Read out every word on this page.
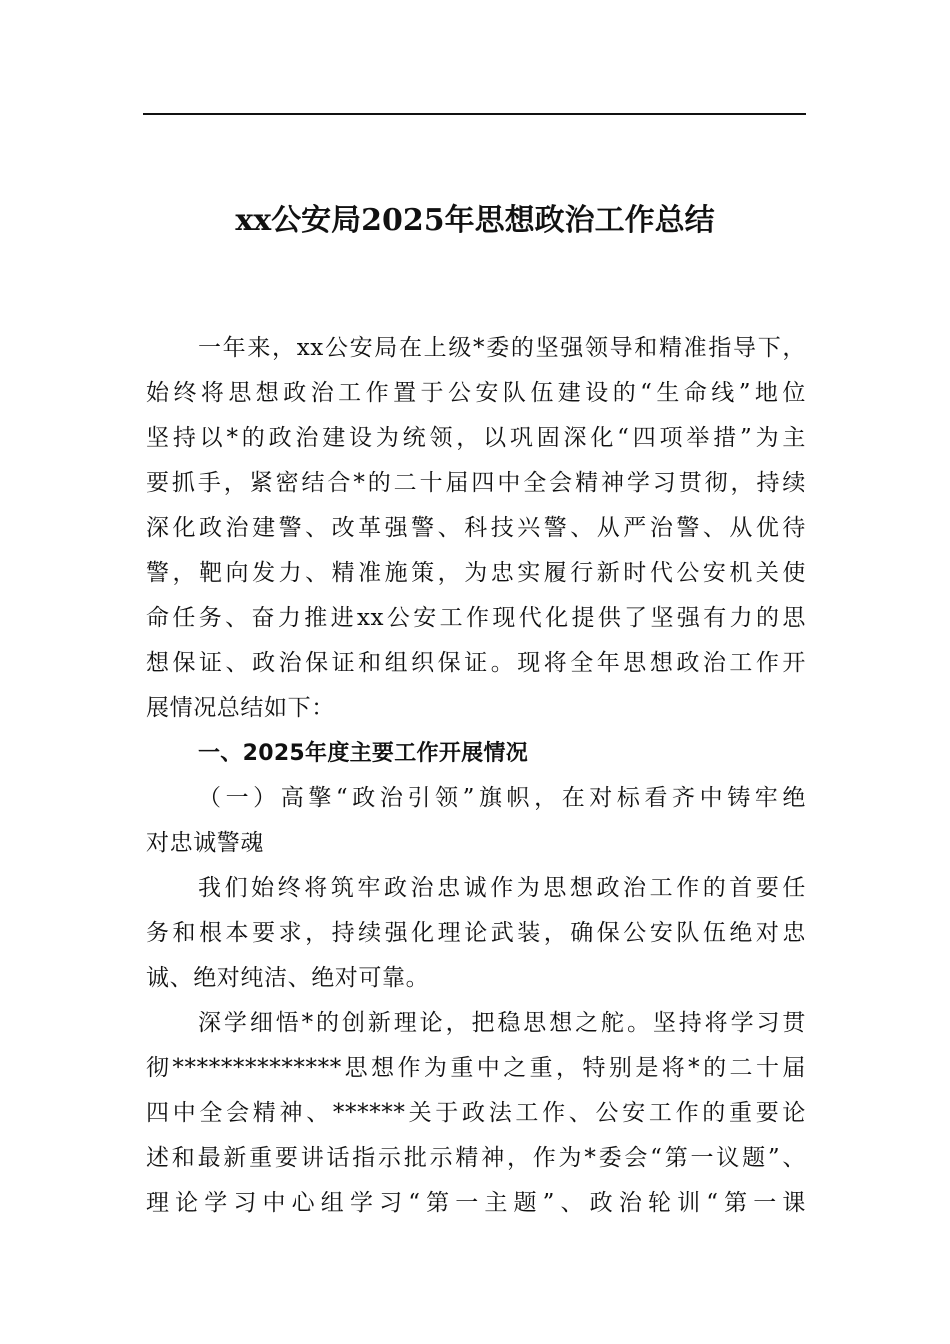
xx公安局2025年思想政治工作总结
一年来，xx公安局在上级*委的坚强领导和精准指导下，
始终将思想政治工作置于公安队伍建设的“生命线”地位
坚持以*的政治建设为统领，以巩固深化“四项举措”为主
要抓手，紧密结合*的二十届四中全会精神学习贯彻，持续
深化政治建警、改革强警、科技兴警、从严治警、从优待
警，靶向发力、精准施策，为忠实履行新时代公安机关使
命任务、奋力推进xx公安工作现代化提供了坚强有力的思
想保证、政治保证和组织保证。现将全年思想政治工作开
展情况总结如下：
一、2025年度主要工作开展情况
（一）高擎“政治引领”旗帜，在对标看齐中铸牢绝
对忠诚警魂
我们始终将筑牢政治忠诚作为思想政治工作的首要任
务和根本要求，持续强化理论武装，确保公安队伍绝对忠
诚、绝对纯洁、绝对可靠。
深学细悟*的创新理论，把稳思想之舵。坚持将学习贯
彻**************思想作为重中之重，特别是将*的二十届
四中全会精神、******关于政法工作、公安工作的重要论
述和最新重要讲话指示批示精神，作为*委会“第一议题”、
理论学习中心组学习“第一主题”、政治轮训“第一课
